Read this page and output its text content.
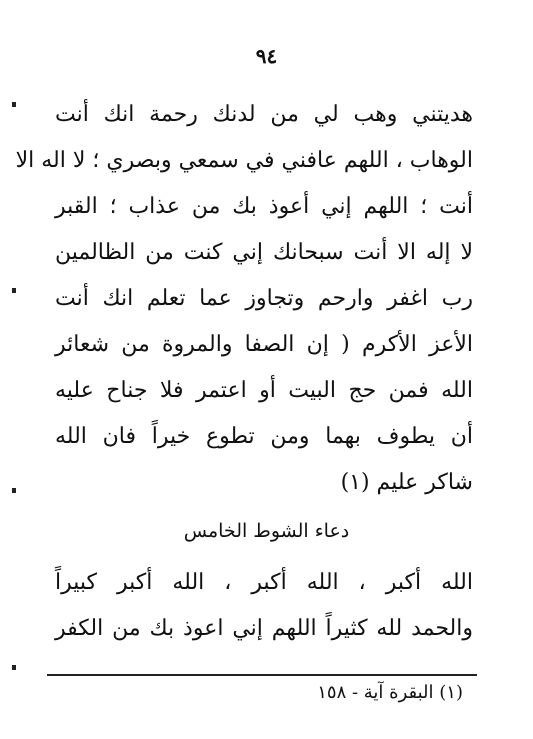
٩٤
هديتني وهب لي من لدنك رحمة انك أنت
الوهاب ، اللهم عافني في سمعي وبصري ؛ لا اله الا
أنت ؛ اللهم إني أعوذ بك من عذاب ؛ القبر
لا إله الا أنت سبحانك إني كنت من الظالمين
رب اغفر وارحم وتجاوز عما تعلم انك أنت
الأعز الأكرم ( إن الصفا والمروة من شعائر
الله فمن حج البيت أو اعتمر فلا جناح عليه
أن يطوف بهما ومن تطوع خيراً فان الله
شاكر عليم (١)
دعاء الشوط الخامس
الله أكبر ، الله أكبر ، الله أكبر كبيراً
والحمد لله كثيراً اللهم إني اعوذ بك من الكفر
(١) البقرة آية - ١٥٨
